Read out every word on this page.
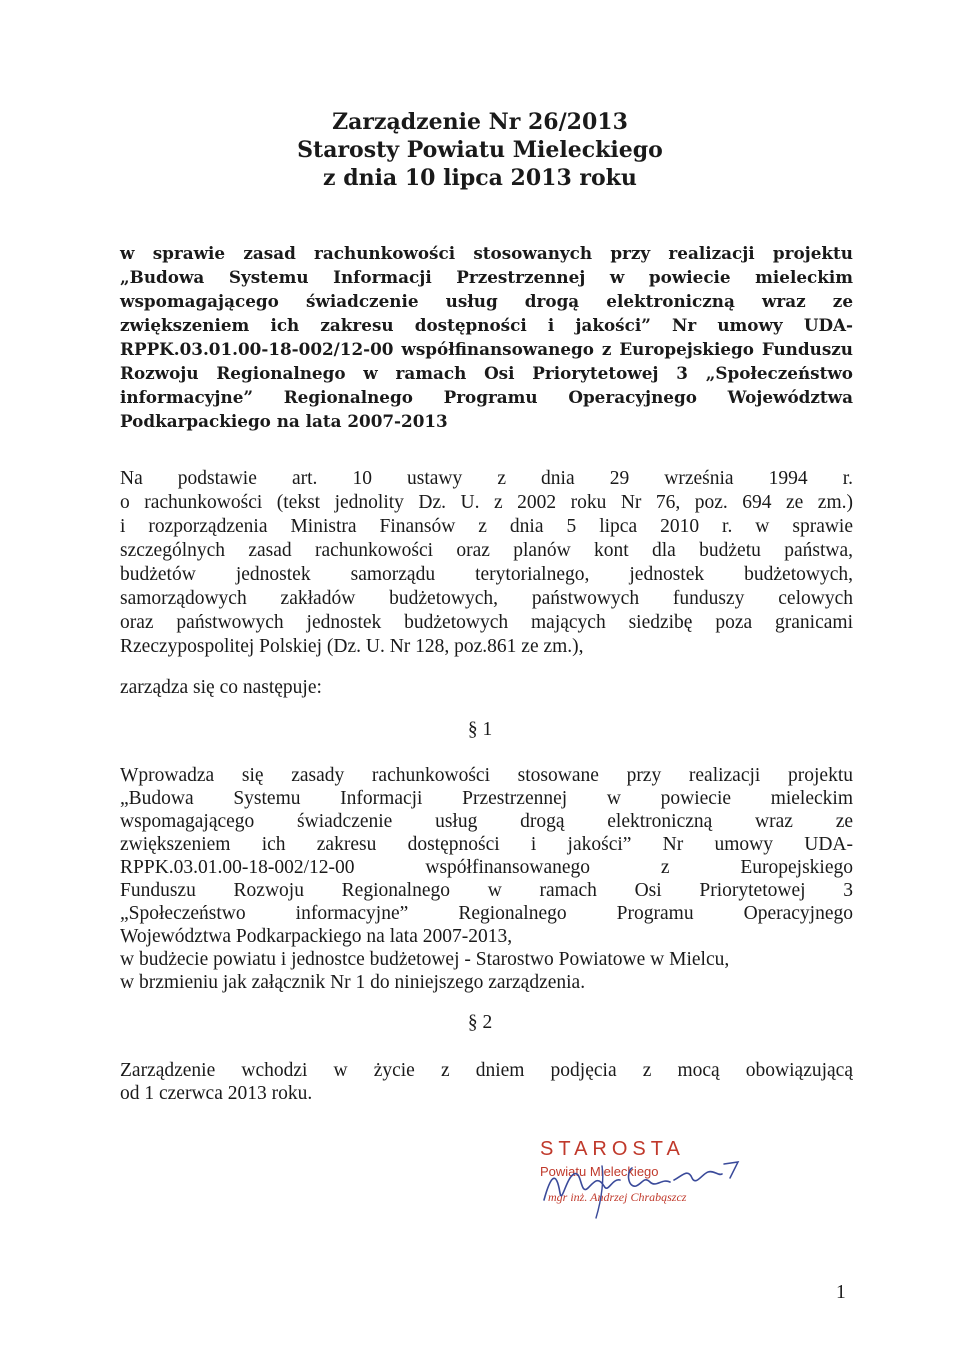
Zarządzenie Nr 26/2013
Starosty Powiatu Mieleckiego
z dnia 10 lipca 2013 roku
w sprawie zasad rachunkowości stosowanych przy realizacji projektu „Budowa Systemu Informacji Przestrzennej w powiecie mieleckim wspomagającego świadczenie usług drogą elektroniczną wraz ze zwiększeniem ich zakresu dostępności i jakości” Nr umowy UDA-RPPK.03.01.00-18-002/12-00 współfinansowanego z Europejskiego Funduszu Rozwoju Regionalnego w ramach Osi Priorytetowej 3 „Społeczeństwo informacyjne” Regionalnego Programu Operacyjnego Województwa Podkarpackiego na lata 2007-2013
Na podstawie art. 10 ustawy z dnia 29 września 1994 r.
o rachunkowości (tekst jednolity Dz. U. z 2002 roku Nr 76, poz. 694 ze zm.)
i rozporządzenia Ministra Finansów z dnia 5 lipca 2010 r. w sprawie
szczególnych zasad rachunkowości oraz planów kont dla budżetu państwa,
budżetów jednostek samorządu terytorialnego, jednostek budżetowych,
samorządowych zakładów budżetowych, państwowych funduszy celowych
oraz państwowych jednostek budżetowych mających siedzibę poza granicami
Rzeczypospolitej Polskiej (Dz. U. Nr 128, poz.861 ze zm.),
zarządza się co następuje:
§ 1
Wprowadza się zasady rachunkowości stosowane przy realizacji projektu
„Budowa Systemu Informacji Przestrzennej w powiecie mieleckim
wspomagającego świadczenie usług drogą elektroniczną wraz ze
zwiększeniem ich zakresu dostępności i jakości” Nr umowy UDA-
RPPK.03.01.00-18-002/12-00 współfinansowanego z Europejskiego
Funduszu Rozwoju Regionalnego w ramach Osi Priorytetowej 3
„Społeczeństwo informacyjne” Regionalnego Programu Operacyjnego
Województwa Podkarpackiego na lata 2007-2013,
w budżecie powiatu i jednostce budżetowej - Starostwo Powiatowe w Mielcu,
w brzmieniu jak załącznik Nr 1 do niniejszego zarządzenia.
§ 2
Zarządzenie wchodzi w życie z dniem podjęcia z mocą obowiązującą
od 1 czerwca 2013 roku.
STAROSTA
Powiatu Mieleckiego
mgr inż. Andrzej Chrabąszcz
1
